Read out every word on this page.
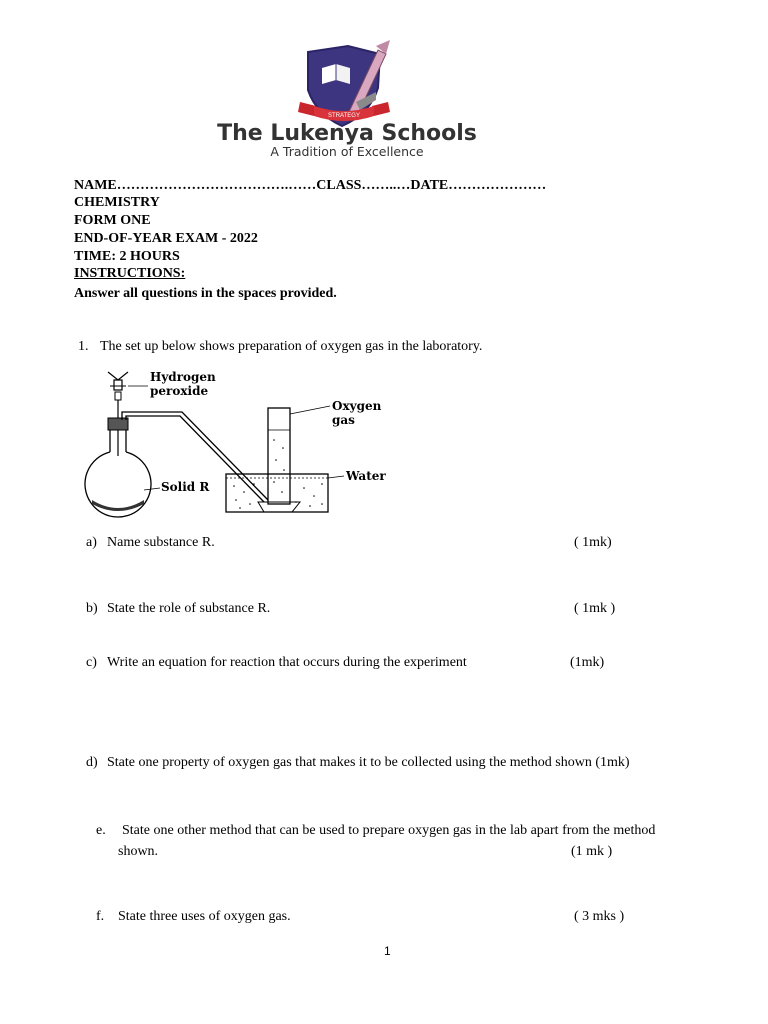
STRATEGY
The Lukenya Schools
A Tradition of Excellence
NAME……………………………….……CLASS……..…DATE…………………
CHEMISTRY
FORM ONE
END-OF-YEAR EXAM - 2022
TIME: 2 HOURS
INSTRUCTIONS:
Answer all questions in the spaces provided.
1. The set up below shows preparation of oxygen gas in the laboratory.
Hydrogen
peroxide
Oxygen
gas
Water
Solid R
a) Name substance R.	( 1mk)
b) State the role of substance R.	( 1mk )
c) Write an equation for reaction that occurs during the experiment	(1mk)
d) State one property of oxygen gas that makes it to be collected using the method shown (1mk)
e. State one other method that can be used to prepare oxygen gas in the lab apart from the method
shown.	(1 mk )
f. State three uses of oxygen gas.	( 3 mks )
1
